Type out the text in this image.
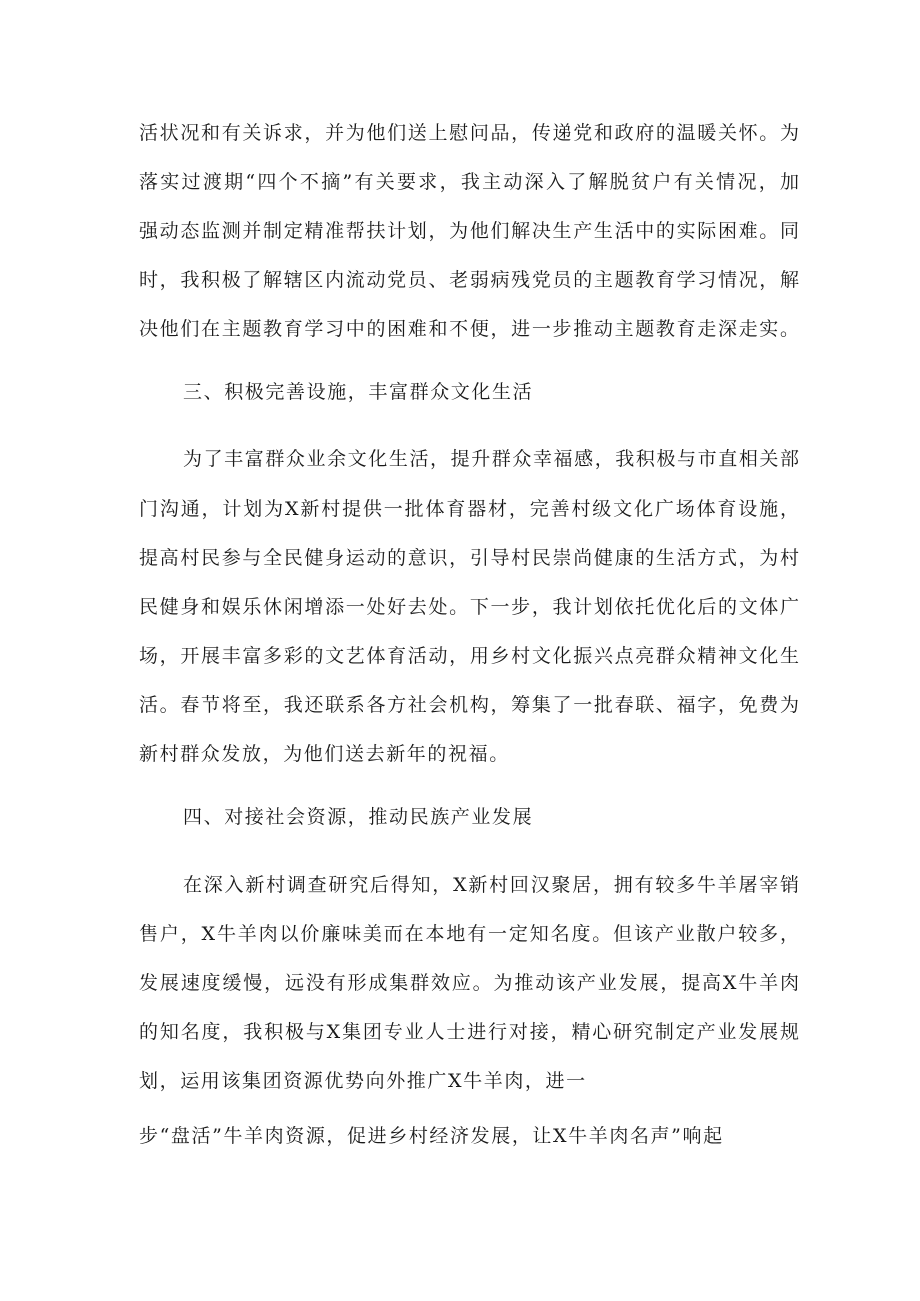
活状况和有关诉求，并为他们送上慰问品，传递党和政府的温暖关怀。为
落实过渡期“四个不摘”有关要求，我主动深入了解脱贫户有关情况，加
强动态监测并制定精准帮扶计划，为他们解决生产生活中的实际困难。同
时，我积极了解辖区内流动党员、老弱病残党员的主题教育学习情况，解
决他们在主题教育学习中的困难和不便，进一步推动主题教育走深走实。
三、积极完善设施，丰富群众文化生活
为了丰富群众业余文化生活，提升群众幸福感，我积极与市直相关部
门沟通，计划为X新村提供一批体育器材，完善村级文化广场体育设施，
提高村民参与全民健身运动的意识，引导村民崇尚健康的生活方式，为村
民健身和娱乐休闲增添一处好去处。下一步，我计划依托优化后的文体广
场，开展丰富多彩的文艺体育活动，用乡村文化振兴点亮群众精神文化生
活。春节将至，我还联系各方社会机构，筹集了一批春联、福字，免费为
新村群众发放，为他们送去新年的祝福。
四、对接社会资源，推动民族产业发展
在深入新村调查研究后得知，X新村回汉聚居，拥有较多牛羊屠宰销
售户，X牛羊肉以价廉味美而在本地有一定知名度。但该产业散户较多，
发展速度缓慢，远没有形成集群效应。为推动该产业发展，提高X牛羊肉
的知名度，我积极与X集团专业人士进行对接，精心研究制定产业发展规
划，运用该集团资源优势向外推广X牛羊肉，进一
步“盘活”牛羊肉资源，促进乡村经济发展，让X牛羊肉名声”响起
